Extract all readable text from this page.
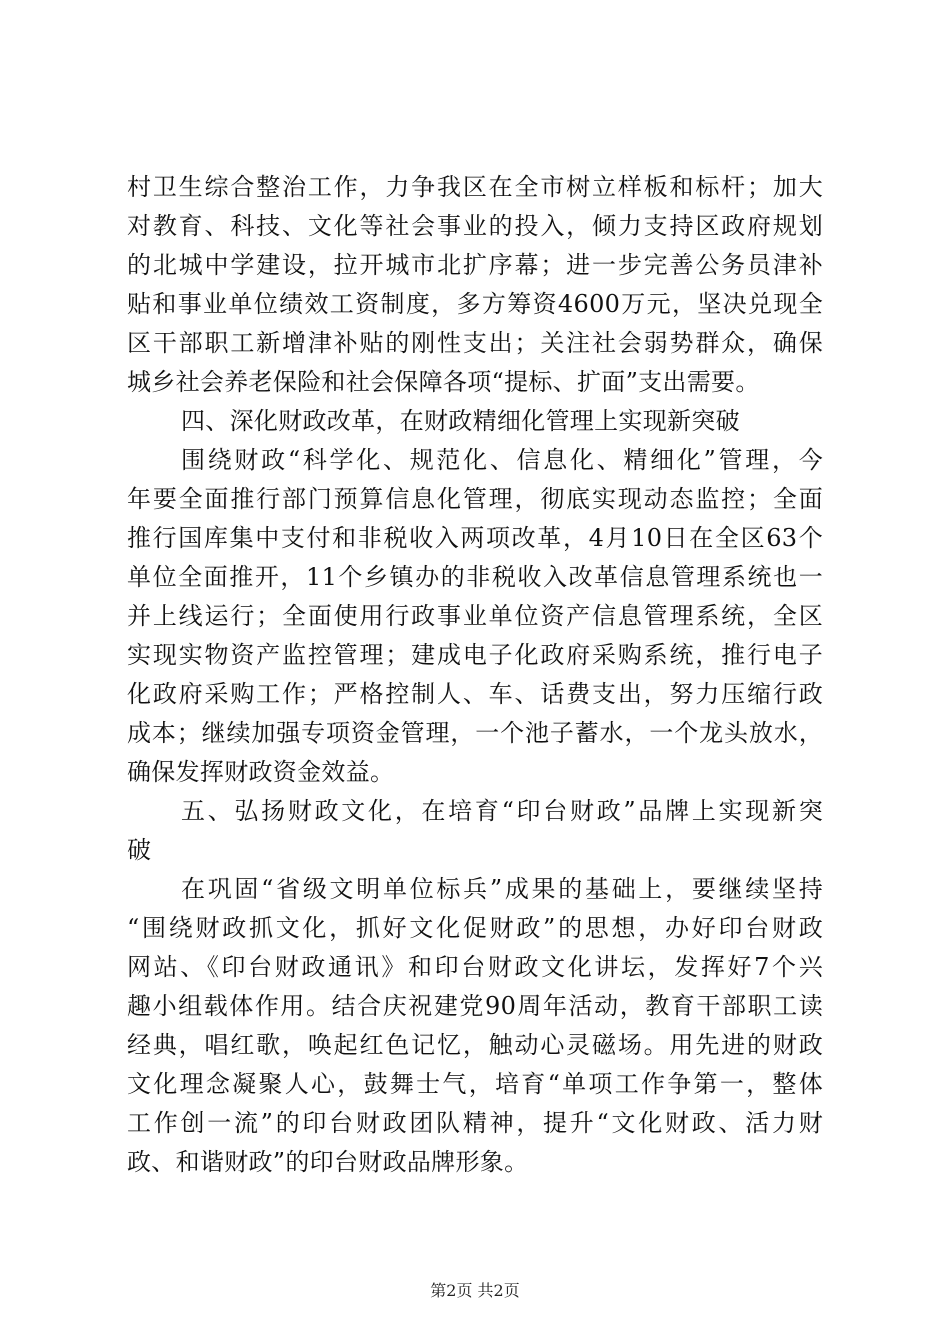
村卫生综合整治工作，力争我区在全市树立样板和标杆；加大
对教育、科技、文化等社会事业的投入，倾力支持区政府规划
的北城中学建设，拉开城市北扩序幕；进一步完善公务员津补
贴和事业单位绩效工资制度，多方筹资4600万元，坚决兑现全
区干部职工新增津补贴的刚性支出；关注社会弱势群众，确保
城乡社会养老保险和社会保障各项“提标、扩面”支出需要。
四、深化财政改革，在财政精细化管理上实现新突破
围绕财政“科学化、规范化、信息化、精细化”管理，今
年要全面推行部门预算信息化管理，彻底实现动态监控；全面
推行国库集中支付和非税收入两项改革，4月10日在全区63个
单位全面推开，11个乡镇办的非税收入改革信息管理系统也一
并上线运行；全面使用行政事业单位资产信息管理系统，全区
实现实物资产监控管理；建成电子化政府采购系统，推行电子
化政府采购工作；严格控制人、车、话费支出，努力压缩行政
成本；继续加强专项资金管理，一个池子蓄水，一个龙头放水，
确保发挥财政资金效益。
五、弘扬财政文化，在培育“印台财政”品牌上实现新突
破
在巩固“省级文明单位标兵”成果的基础上，要继续坚持
“围绕财政抓文化，抓好文化促财政”的思想，办好印台财政
网站、《印台财政通讯》和印台财政文化讲坛，发挥好7个兴
趣小组载体作用。结合庆祝建党90周年活动，教育干部职工读
经典，唱红歌，唤起红色记忆，触动心灵磁场。用先进的财政
文化理念凝聚人心，鼓舞士气，培育“单项工作争第一，整体
工作创一流”的印台财政团队精神，提升“文化财政、活力财
政、和谐财政”的印台财政品牌形象。
第2页 共2页
